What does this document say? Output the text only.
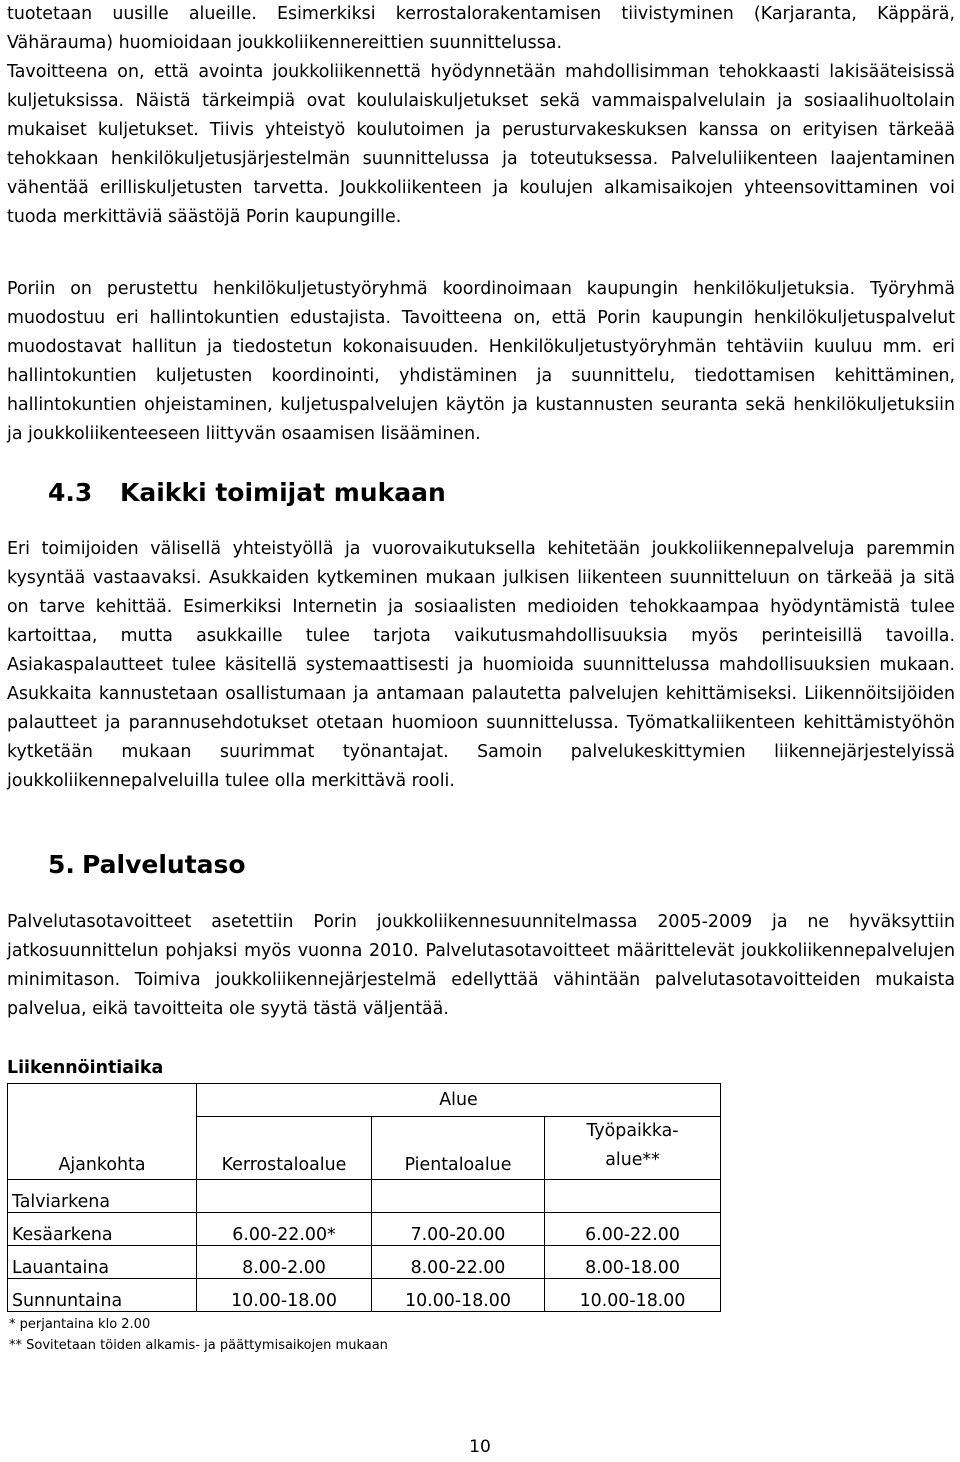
tuotetaan uusille alueille. Esimerkiksi kerrostalorakentamisen tiivistyminen (Karjaranta, Käppärä, Vähärauma) huomioidaan joukkoliikennereittien suunnittelussa.

Tavoitteena on, että avointa joukkoliikennettä hyödynnetään mahdollisimman tehokkaasti lakisääteisissä kuljetuksissa. Näistä tärkeimpiä ovat koululaiskuljetukset sekä vammaispalvelulain ja sosiaalihuoltolain mukaiset kuljetukset. Tiivis yhteistyö koulutoimen ja perusturvakeskuksen kanssa on erityisen tärkeää tehokkaan henkilökuljetusjärjestelmän suunnittelussa ja toteutuksessa. Palveluliikenteen laajentaminen vähentää erilliskuljetusten tarvetta. Joukkoliikenteen ja koulujen alkamisaikojen yhteensovittaminen voi tuoda merkittäviä säästöjä Porin kaupungille.

Poriin on perustettu henkilökuljetustyöryhmä koordinoimaan kaupungin henkilökuljetuksia. Työryhmä muodostuu eri hallintokuntien edustajista. Tavoitteena on, että Porin kaupungin henkilökuljetuspalvelut muodostavat hallitun ja tiedostetun kokonaisuuden. Henkilökuljetustyöryhmän tehtäviin kuuluu mm. eri hallintokuntien kuljetusten koordinointi, yhdistäminen ja suunnittelu, tiedottamisen kehittäminen, hallintokuntien ohjeistaminen, kuljetuspalvelujen käytön ja kustannusten seuranta sekä henkilökuljetuksiin ja joukkoliikenteeseen liittyvän osaamisen lisääminen.

4.3 Kaikki toimijat mukaan

Eri toimijoiden välisellä yhteistyöllä ja vuorovaikutuksella kehitetään joukkoliikennepalveluja paremmin kysyntää vastaavaksi. Asukkaiden kytkeminen mukaan julkisen liikenteen suunnitteluun on tärkeää ja sitä on tarve kehittää. Esimerkiksi Internetin ja sosiaalisten medioiden tehokkaampaa hyödyntämistä tulee kartoittaa, mutta asukkaille tulee tarjota vaikutusmahdollisuuksia myös perinteisillä tavoilla. Asiakaspalautteet tulee käsitellä systemaattisesti ja huomioida suunnittelussa mahdollisuuksien mukaan. Asukkaita kannustetaan osallistumaan ja antamaan palautetta palvelujen kehittämiseksi. Liikennöitsijöiden palautteet ja parannusehdotukset otetaan huomioon suunnittelussa. Työmatkaliikenteen kehittämistyöhön kytketään mukaan suurimmat työnantajat. Samoin palvelukeskittymien liikennejärjestelyissä joukkoliikennepalveluilla tulee olla merkittävä rooli.

5. Palvelutaso

Palvelutasotavoitteet asetettiin Porin joukkoliikennesuunnitelmassa 2005-2009 ja ne hyväksyttiin jatkosuunnittelun pohjaksi myös vuonna 2010. Palvelutasotavoitteet määrittelevät joukkoliikennepalvelujen minimitason. Toimiva joukkoliikennejärjestelmä edellyttää vähintään palvelutasotavoitteiden mukaista palvelua, eikä tavoitteita ole syytä tästä väljentää.

Liikennöintiaika

	Alue		
Ajankohta	Kerrostaloalue	Pientaloalue	Työpaikka-
alue**

Talviarkena			
Kesäarkena	6.00-22.00*	7.00-20.00	6.00-22.00
Lauantaina	8.00-2.00	8.00-22.00	8.00-18.00
Sunnuntaina	10.00-18.00	10.00-18.00	10.00-18.00

* perjantaina klo 2.00

** Sovitetaan töiden alkamis- ja päättymisaikojen mukaan

10
